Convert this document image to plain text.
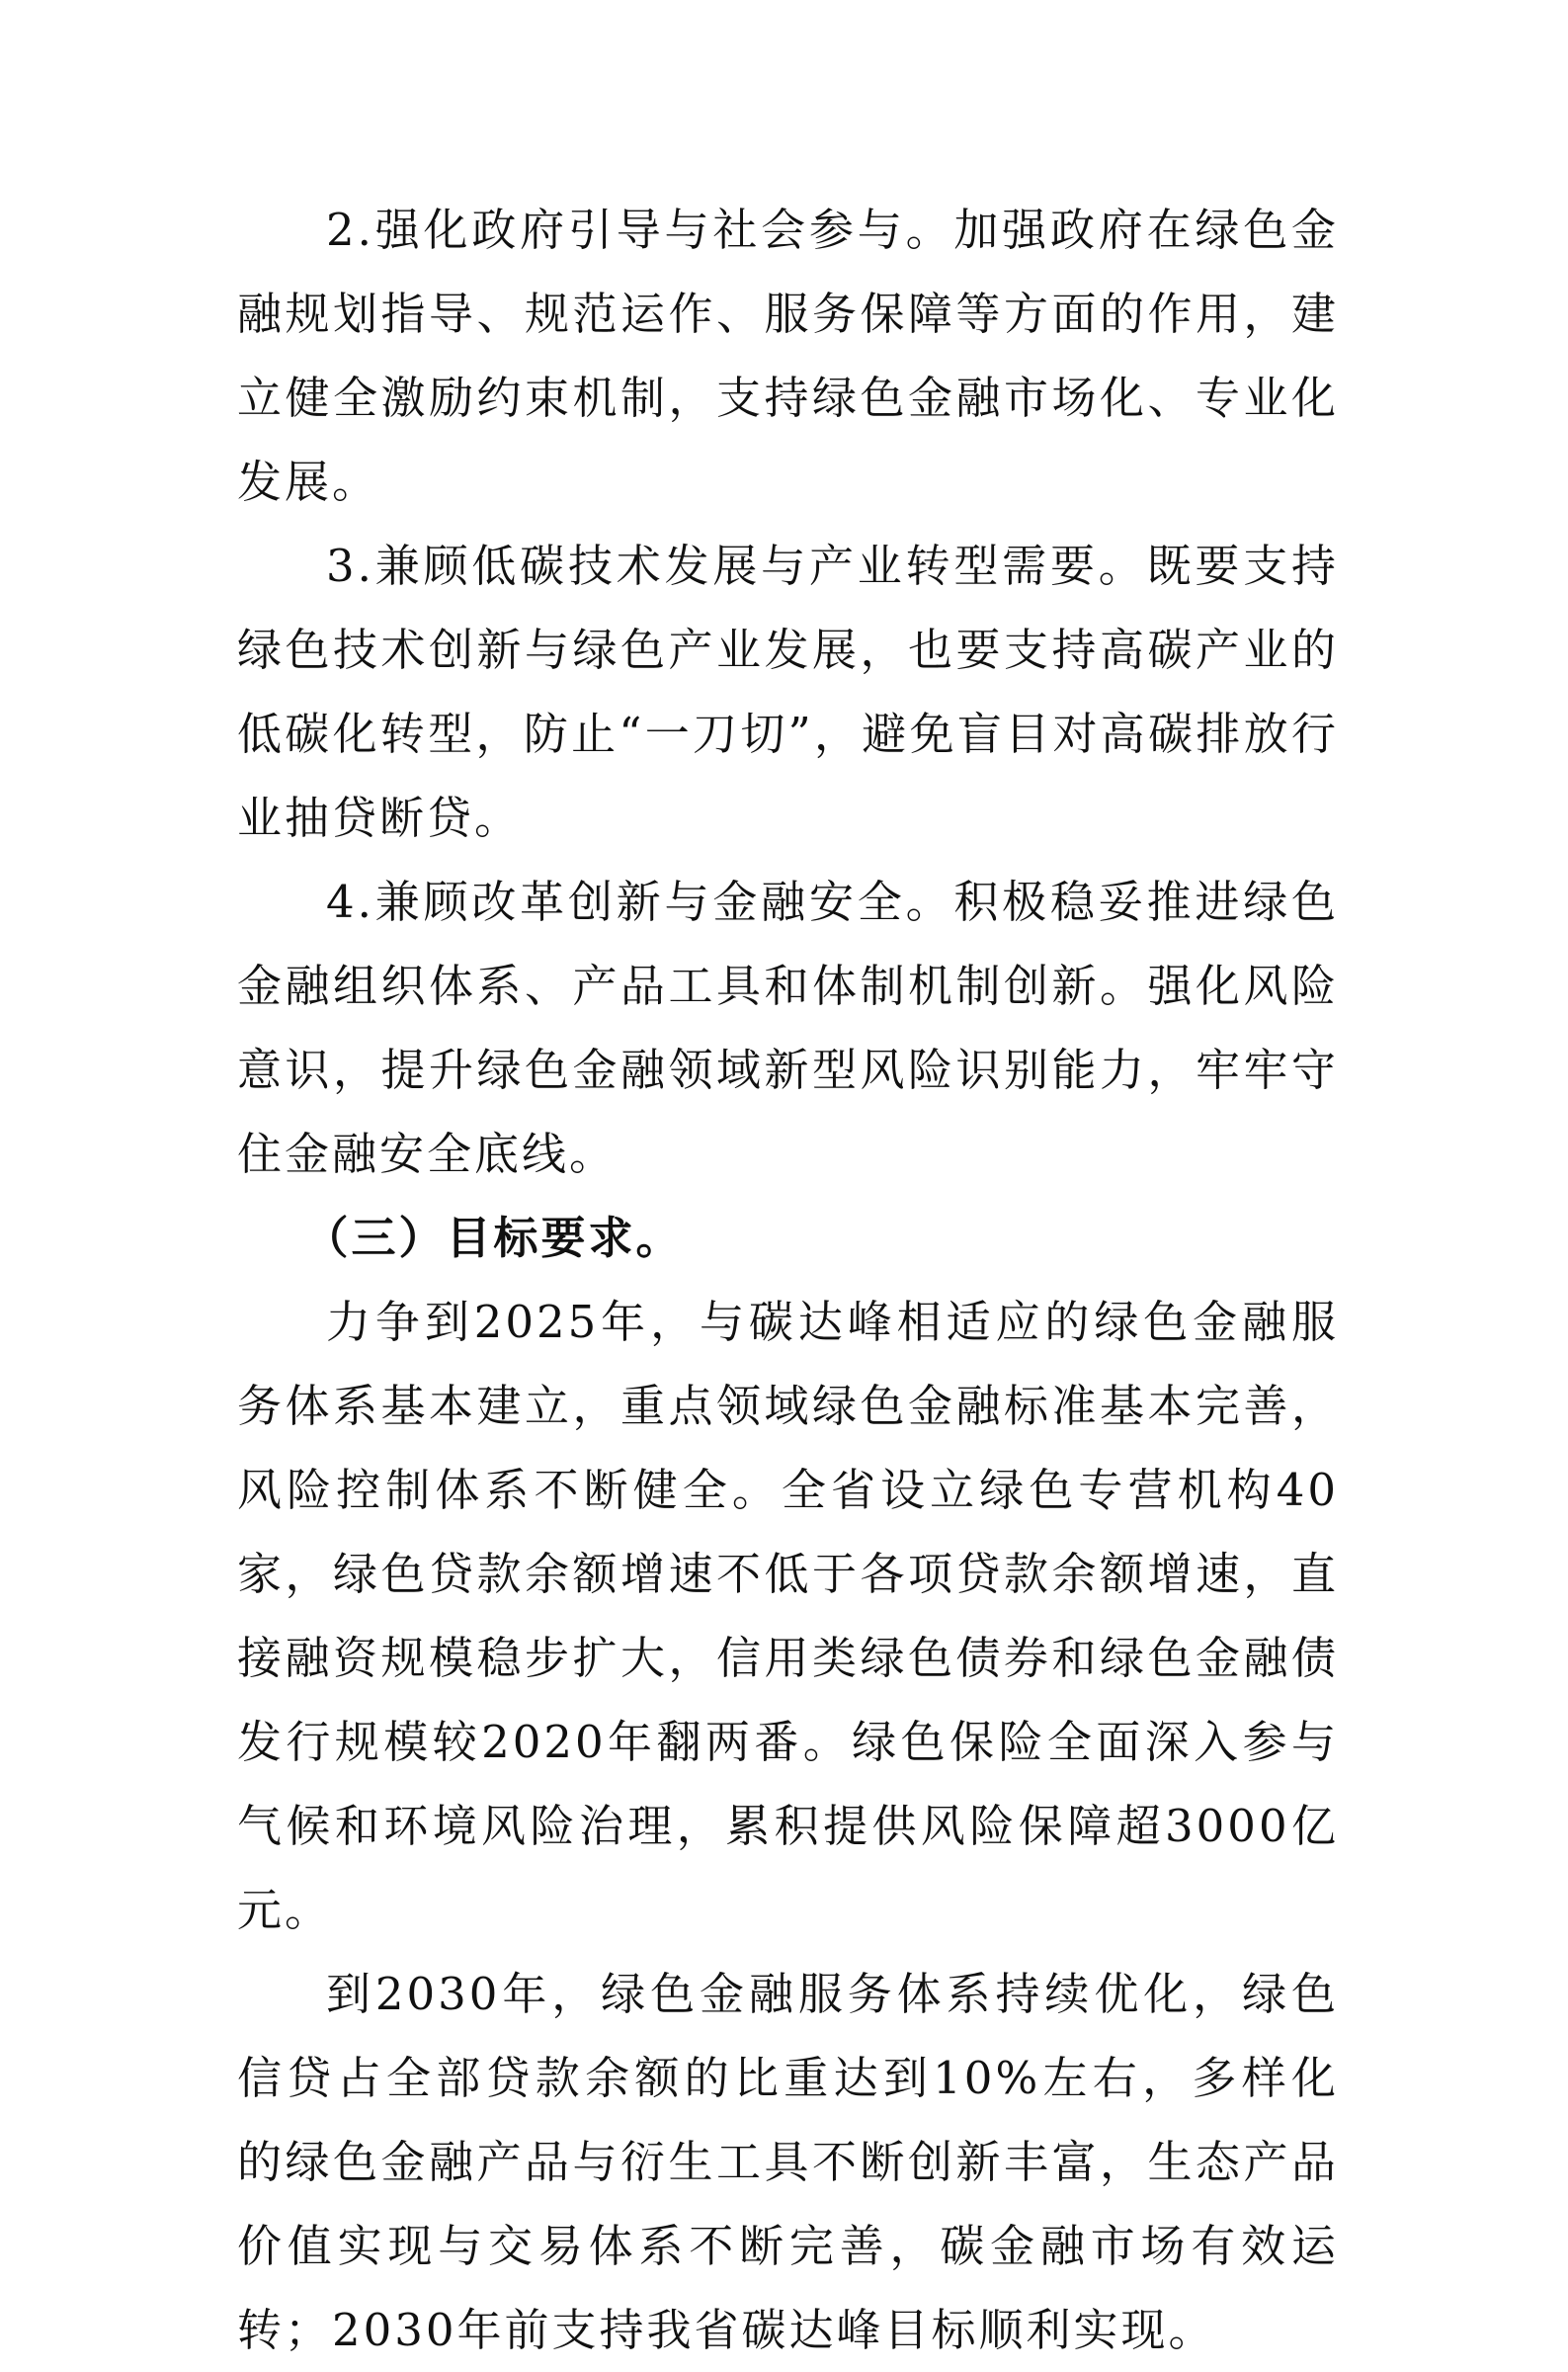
2.强化政府引导与社会参与。加强政府在绿色金融规划指导、规范运作、服务保障等方面的作用，建立健全激励约束机制，支持绿色金融市场化、专业化发展。

3.兼顾低碳技术发展与产业转型需要。既要支持绿色技术创新与绿色产业发展，也要支持高碳产业的低碳化转型，防止“一刀切”，避免盲目对高碳排放行业抽贷断贷。

4.兼顾改革创新与金融安全。积极稳妥推进绿色金融组织体系、产品工具和体制机制创新。强化风险意识，提升绿色金融领域新型风险识别能力，牢牢守住金融安全底线。

（三）目标要求。

力争到2025年，与碳达峰相适应的绿色金融服务体系基本建立，重点领域绿色金融标准基本完善，风险控制体系不断健全。全省设立绿色专营机构40家，绿色贷款余额增速不低于各项贷款余额增速，直接融资规模稳步扩大，信用类绿色债券和绿色金融债发行规模较2020年翻两番。绿色保险全面深入参与气候和环境风险治理，累积提供风险保障超3000亿元。

到2030年，绿色金融服务体系持续优化，绿色信贷占全部贷款余额的比重达到10%左右，多样化的绿色金融产品与衍生工具不断创新丰富，生态产品价值实现与交易体系不断完善，碳金融市场有效运转；2030年前支持我省碳达峰目标顺利实现。
